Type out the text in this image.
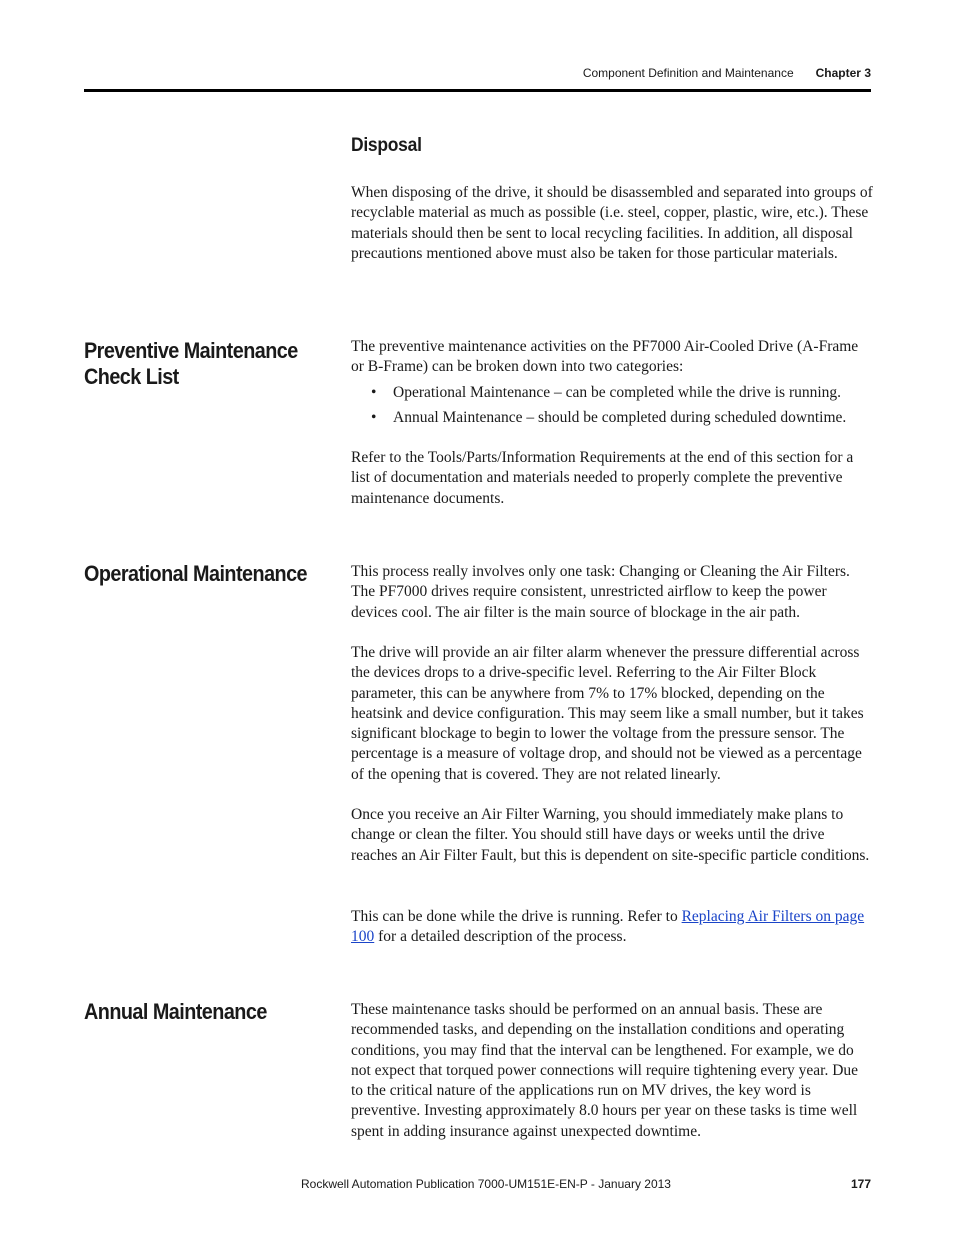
Component Definition and Maintenance Chapter 3
Disposal

When disposing of the drive, it should be disassembled and separated into groups of recyclable material as much as possible (i.e. steel, copper, plastic, wire, etc.). These materials should then be sent to local recycling facilities. In addition, all disposal precautions mentioned above must also be taken for those particular materials.

Preventive Maintenance Check List

The preventive maintenance activities on the PF7000 Air-Cooled Drive (A-Frame or B-Frame) can be broken down into two categories:

• Operational Maintenance – can be completed while the drive is running.
• Annual Maintenance – should be completed during scheduled downtime.

Refer to the Tools/Parts/Information Requirements at the end of this section for a list of documentation and materials needed to properly complete the preventive maintenance documents.

Operational Maintenance	This process really involves only one task: Changing or Cleaning the Air Filters. The PF7000 drives require consistent, unrestricted airflow to keep the power devices cool. The air filter is the main source of blockage in the air path.

The drive will provide an air filter alarm whenever the pressure differential across the devices drops to a drive-specific level. Referring to the Air Filter Block parameter, this can be anywhere from 7% to 17% blocked, depending on the heatsink and device configuration. This may seem like a small number, but it takes significant blockage to begin to lower the voltage from the pressure sensor. The percentage is a measure of voltage drop, and should not be viewed as a percentage of the opening that is covered. They are not related linearly.

Once you receive an Air Filter Warning, you should immediately make plans to change or clean the filter. You should still have days or weeks until the drive reaches an Air Filter Fault, but this is dependent on site-specific particle conditions.

This can be done while the drive is running. Refer to Replacing Air Filters on page 100 for a detailed description of the process.

Annual Maintenance	These maintenance tasks should be performed on an annual basis. These are recommended tasks, and depending on the installation conditions and operating conditions, you may find that the interval can be lengthened. For example, we do not expect that torqued power connections will require tightening every year. Due to the critical nature of the applications run on MV drives, the key word is preventive. Investing approximately 8.0 hours per year on these tasks is time well spent in adding insurance against unexpected downtime.

Rockwell Automation Publication 7000-UM151E-EN-P - January 2013	177
